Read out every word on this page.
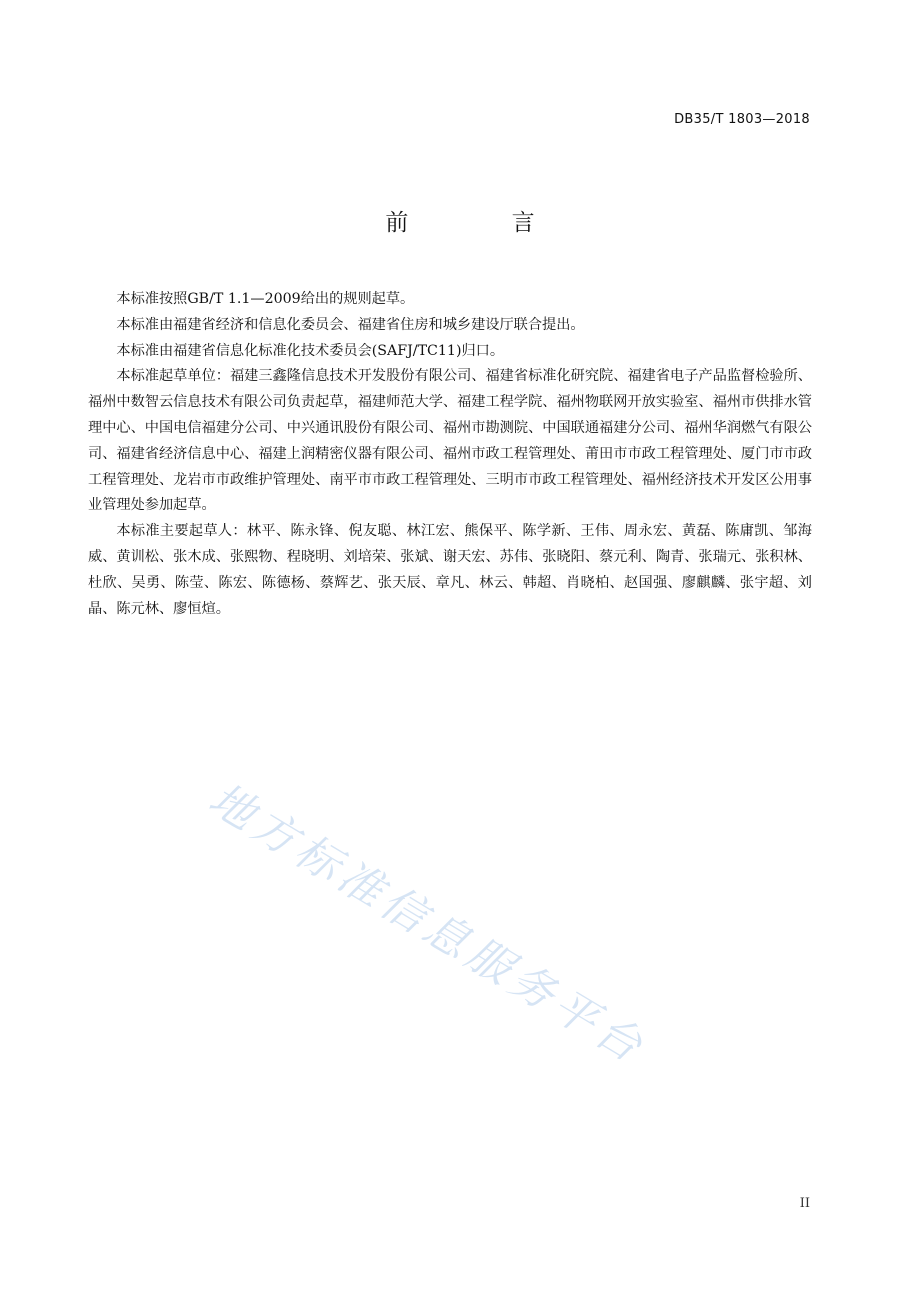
DB35/T 1803—2018
前 言

本标准按照GB/T 1.1—2009给出的规则起草。

本标准由福建省经济和信息化委员会、福建省住房和城乡建设厅联合提出。

本标准由福建省信息化标准化技术委员会(SAFJ/TC11)归口。

本标准起草单位：福建三鑫隆信息技术开发股份有限公司、福建省标准化研究院、福建省电子产品监督检验所、福州中数智云信息技术有限公司负责起草，福建师范大学、福建工程学院、福州物联网开放实验室、福州市供排水管理中心、中国电信福建分公司、中兴通讯股份有限公司、福州市勘测院、中国联通福建分公司、福州华润燃气有限公司、福建省经济信息中心、福建上润精密仪器有限公司、福州市政工程管理处、莆田市市政工程管理处、厦门市市政工程管理处、龙岩市市政维护管理处、南平市市政工程管理处、三明市市政工程管理处、福州经济技术开发区公用事业管理处参加起草。

本标准主要起草人：林平、陈永锋、倪友聪、林江宏、熊保平、陈学新、王伟、周永宏、黄磊、陈庸凯、邹海威、黄训松、张木成、张熙物、程晓明、刘培荣、张斌、谢天宏、苏伟、张晓阳、蔡元利、陶青、张瑞元、张积林、杜欣、吴勇、陈莹、陈宏、陈德杨、蔡辉艺、张天辰、章凡、林云、韩超、肖晓柏、赵国强、廖麒麟、张宇超、刘晶、陈元林、廖恒煊。

地方标准信息服务平台
II
